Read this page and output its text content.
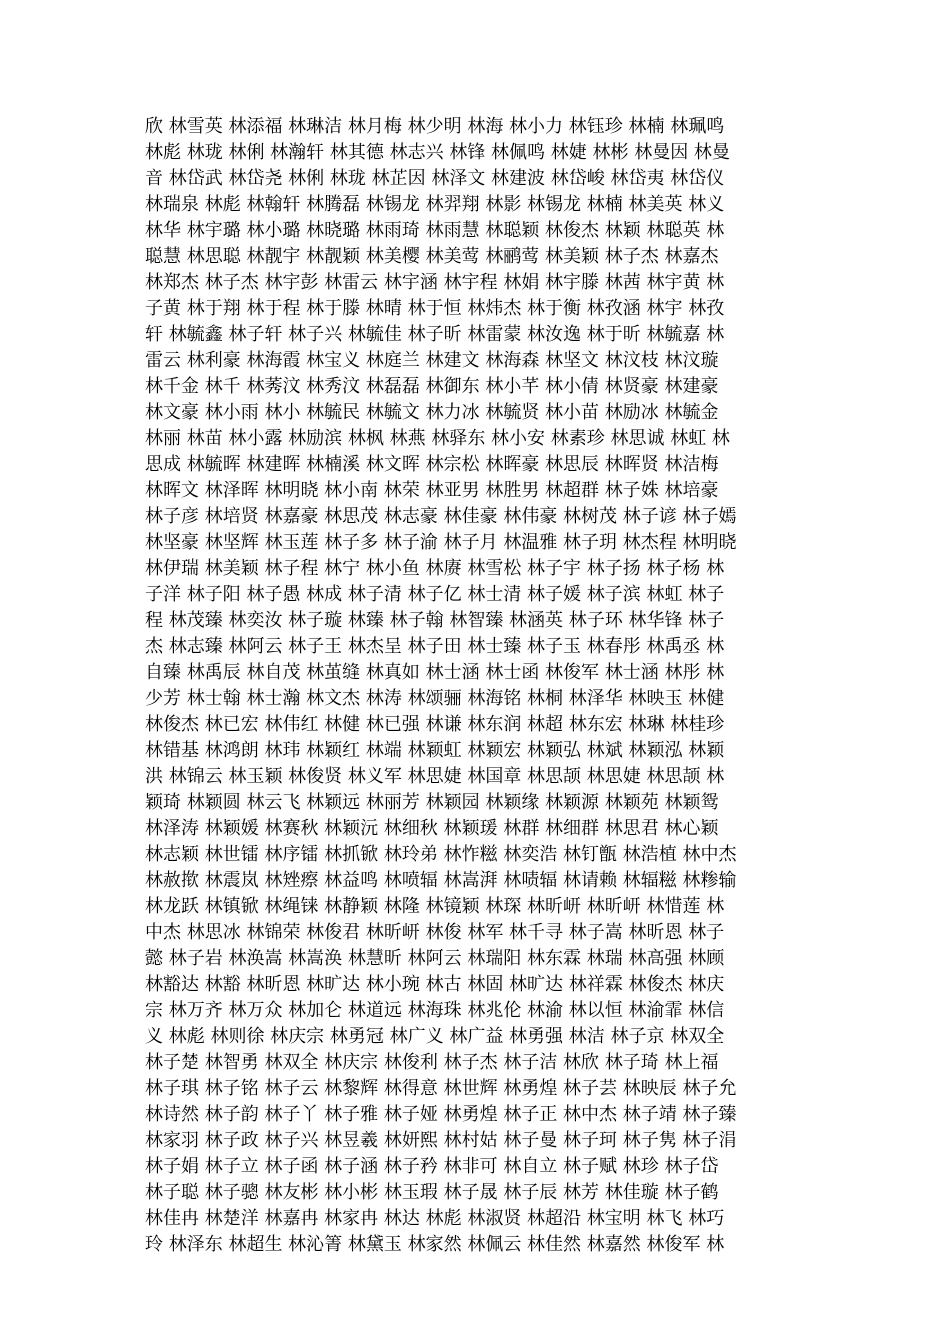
欣 林雪英 林添福 林琳洁 林月梅 林少明 林海 林小力 林钰珍 林楠 林珮鸣
林彪 林珑 林俐 林瀚轩 林其德 林志兴 林锋 林佩鸣 林婕 林彬 林曼因 林曼
音 林岱武 林岱尧 林俐 林珑 林芷因 林泽文 林建波 林岱峻 林岱夷 林岱仪
林瑞泉 林彪 林翰轩 林腾磊 林锡龙 林羿翔 林影 林锡龙 林楠 林美英 林义
林华 林宇璐 林小璐 林晓璐 林雨琦 林雨慧 林聪颖 林俊杰 林颖 林聪英 林
聪慧 林思聪 林靓宇 林靓颖 林美樱 林美莺 林鹂莺 林美颖 林子杰 林嘉杰
林郑杰 林子杰 林宇彭 林雷云 林宇涵 林宇程 林娟 林宇滕 林茜 林宇黄 林
子黄 林于翔 林于程 林于滕 林晴 林于恒 林炜杰 林于衡 林孜涵 林宇 林孜
轩 林毓鑫 林子轩 林子兴 林毓佳 林子昕 林雷蒙 林汝逸 林于昕 林毓嘉 林
雷云 林利豪 林海霞 林宝义 林庭兰 林建文 林海森 林坚文 林汶枝 林汶璇
林千金 林千 林莠汶 林秀汶 林磊磊 林御东 林小芊 林小倩 林贤豪 林建豪
林文豪 林小雨 林小 林毓民 林毓文 林力冰 林毓贤 林小苗 林励冰 林毓金
林丽 林苗 林小露 林励滨 林枫 林燕 林驿东 林小安 林素珍 林思诚 林虹 林
思成 林毓晖 林建晖 林楠溪 林文晖 林宗松 林晖豪 林思辰 林晖贤 林洁梅
林晖文 林泽晖 林明晓 林小南 林荣 林亚男 林胜男 林超群 林子姝 林培豪
林子彦 林培贤 林嘉豪 林思茂 林志豪 林佳豪 林伟豪 林树茂 林子谚 林子嫣
林坚豪 林坚辉 林玉莲 林子多 林子渝 林子月 林温雅 林子玥 林杰程 林明晓
林伊瑞 林美颖 林子程 林宁 林小鱼 林赓 林雪松 林子宇 林子扬 林子杨 林
子洋 林子阳 林子愚 林成 林子清 林子亿 林士清 林子媛 林子滨 林虹 林子
程 林茂臻 林奕汝 林子璇 林臻 林子翰 林智臻 林涵英 林子环 林华锋 林子
杰 林志臻 林阿云 林子王 林杰呈 林子田 林士臻 林子玉 林春彤 林禹丞 林
自臻 林禹辰 林自茂 林茧缝 林真如 林士涵 林士函 林俊军 林士涵 林彤 林
少芳 林士翰 林士瀚 林文杰 林涛 林颂骊 林海铭 林桐 林泽华 林映玉 林健
林俊杰 林已宏 林伟红 林健 林已强 林谦 林东润 林超 林东宏 林琳 林桂珍
林错基 林鸿朗 林玮 林颖红 林端 林颖虹 林颖宏 林颖弘 林斌 林颖泓 林颖
洪 林锦云 林玉颖 林俊贤 林义军 林思婕 林国章 林思颉 林思婕 林思颉 林
颖琦 林颖圆 林云飞 林颖远 林丽芳 林颖园 林颖缘 林颖源 林颖苑 林颖鸳
林泽涛 林颖媛 林赛秋 林颖沅 林细秋 林颖瑗 林群 林细群 林思君 林心颖
林志颖 林世镭 林序镭 林抓锨 林玲弟 林怍糍 林奕浩 林钉甑 林浩植 林中杰
林赦揿 林震岚 林矬瘵 林益鸣 林喷辐 林嵩湃 林啧辐 林请赖 林辐糍 林糁输
林龙跃 林镇锨 林绳铼 林静颖 林隆 林镜颖 林琛 林昕岍 林昕岍 林惜莲 林
中杰 林思冰 林锦荣 林俊君 林昕岍 林俊 林军 林千寻 林子嵩 林昕恩 林子
懿 林子岩 林涣嵩 林嵩涣 林慧昕 林阿云 林瑞阳 林东霖 林瑞 林高强 林顾
林豁达 林豁 林昕恩 林旷达 林小琬 林古 林固 林旷达 林祥霖 林俊杰 林庆
宗 林万齐 林万众 林加仑 林道远 林海珠 林兆伦 林渝 林以恒 林渝霏 林信
义 林彪 林则徐 林庆宗 林勇冠 林广义 林广益 林勇强 林洁 林子京 林双全
林子楚 林智勇 林双全 林庆宗 林俊利 林子杰 林子洁 林欣 林子琦 林上福
林子琪 林子铭 林子云 林黎辉 林得意 林世辉 林勇煌 林子芸 林映辰 林子允
林诗然 林子韵 林子丫 林子雅 林子娅 林勇煌 林子正 林中杰 林子靖 林子臻
林家羽 林子政 林子兴 林昱羲 林妍熙 林村姑 林子曼 林子珂 林子隽 林子涓
林子娟 林子立 林子函 林子涵 林子矜 林非可 林自立 林子赋 林珍 林子岱
林子聪 林子骢 林友彬 林小彬 林玉瑕 林子晟 林子辰 林芳 林佳璇 林子鹤
林佳冉 林楚洋 林嘉冉 林家冉 林达 林彪 林淑贤 林超沿 林宝明 林飞 林巧
玲 林泽东 林超生 林沁箐 林黛玉 林家然 林佩云 林佳然 林嘉然 林俊军 林
